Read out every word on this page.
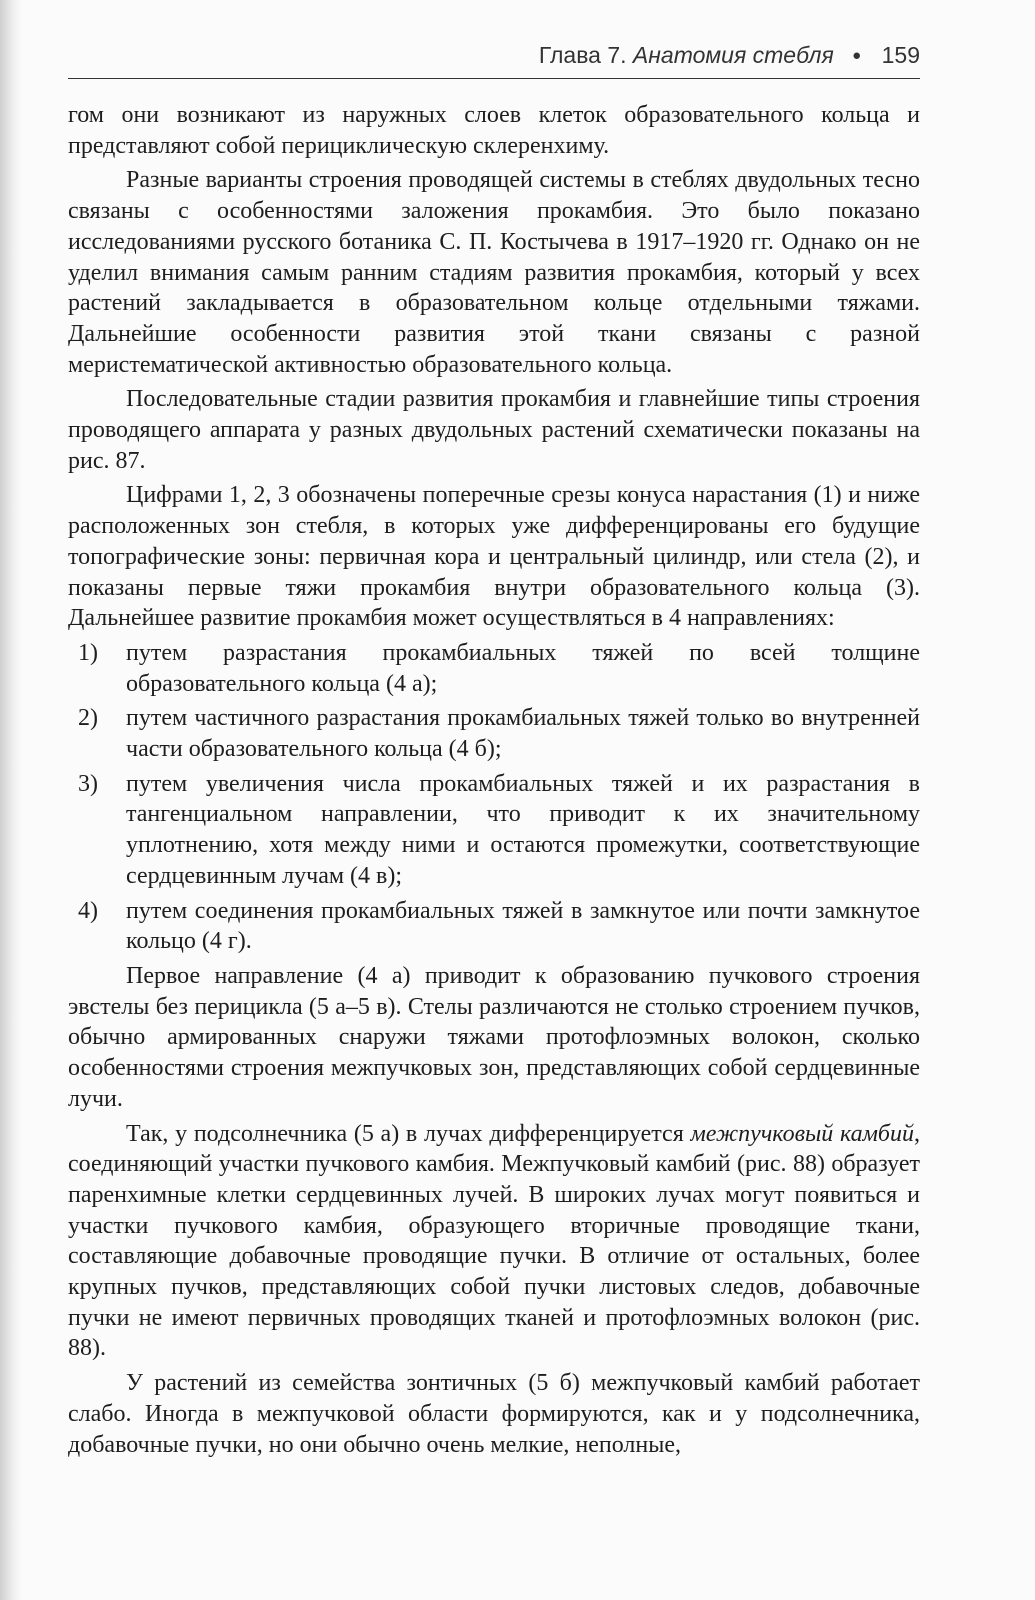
Глава 7. Анатомия стебля ● 159

гом они возникают из наружных слоев клеток образовательного кольца и представляют собой перициклическую склеренхиму.

Разные варианты строения проводящей системы в стеблях двудольных тесно связаны с особенностями заложения прокамбия. Это было показано исследованиями русского ботаника С. П. Костычева в 1917–1920 гг. Однако он не уделил внимания самым ранним стадиям развития прокамбия, который у всех растений закладывается в образовательном кольце отдельными тяжами. Дальнейшие особенности развития этой ткани связаны с разной меристематической активностью образовательного кольца.

Последовательные стадии развития прокамбия и главнейшие типы строения проводящего аппарата у разных двудольных растений схематически показаны на рис. 87.

Цифрами 1, 2, 3 обозначены поперечные срезы конуса нарастания (1) и ниже расположенных зон стебля, в которых уже дифференцированы его будущие топографические зоны: первичная кора и центральный цилиндр, или стела (2), и показаны первые тяжи прокамбия внутри образовательного кольца (3). Дальнейшее развитие прокамбия может осуществляться в 4 направлениях:

1) путем разрастания прокамбиальных тяжей по всей толщине образовательного кольца (4 а);
2) путем частичного разрастания прокамбиальных тяжей только во внутренней части образовательного кольца (4 б);
3) путем увеличения числа прокамбиальных тяжей и их разрастания в тангенциальном направлении, что приводит к их значительному уплотнению, хотя между ними и остаются промежутки, соответствующие сердцевинным лучам (4 в);
4) путем соединения прокамбиальных тяжей в замкнутое или почти замкнутое кольцо (4 г).

Первое направление (4 а) приводит к образованию пучкового строения эвстелы без перицикла (5 а–5 в). Стелы различаются не столько строением пучков, обычно армированных снаружи тяжами протофлоэмных волокон, сколько особенностями строения межпучковых зон, представляющих собой сердцевинные лучи.

Так, у подсолнечника (5 а) в лучах дифференцируется межпучковый камбий, соединяющий участки пучкового камбия. Межпучковый камбий (рис. 88) образует паренхимные клетки сердцевинных лучей. В широких лучах могут появиться и участки пучкового камбия, образующего вторичные проводящие ткани, составляющие добавочные проводящие пучки. В отличие от остальных, более крупных пучков, представляющих собой пучки листовых следов, добавочные пучки не имеют первичных проводящих тканей и протофлоэмных волокон (рис. 88).

У растений из семейства зонтичных (5 б) межпучковый камбий работает слабо. Иногда в межпучковой области формируются, как и у подсолнечника, добавочные пучки, но они обычно очень мелкие, неполные,
